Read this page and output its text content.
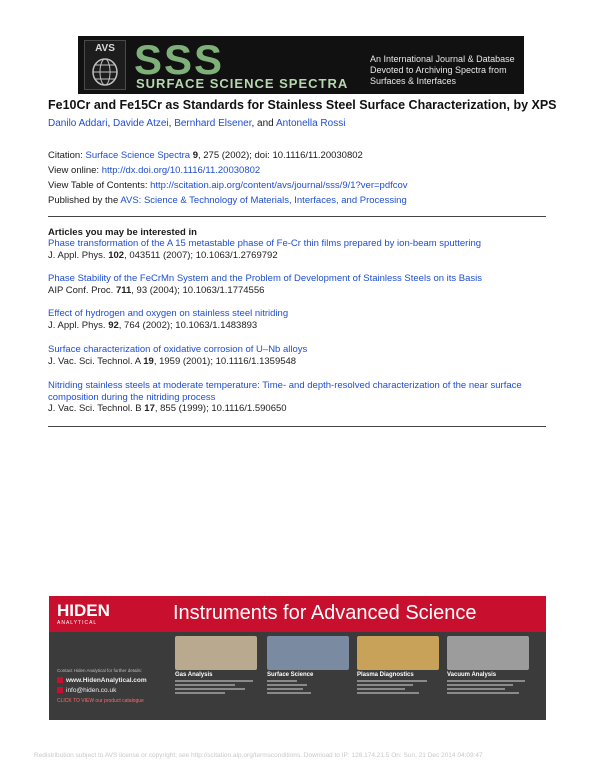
AVS SSS
SURFACE SCIENCE SPECTRA
An International Journal & Database Devoted to Archiving Spectra from Surfaces & Interfaces
Fe10Cr and Fe15Cr as Standards for Stainless Steel Surface Characterization, by XPS
Danilo Addari, Davide Atzei, Bernhard Elsener, and Antonella Rossi
Citation: Surface Science Spectra 9, 275 (2002); doi: 10.1116/11.20030802
View online: http://dx.doi.org/10.1116/11.20030802
View Table of Contents: http://scitation.aip.org/content/avs/journal/sss/9/1?ver=pdfcov
Published by the AVS: Science & Technology of Materials, Interfaces, and Processing
Articles you may be interested in
Phase transformation of the A 15 metastable phase of Fe-Cr thin films prepared by ion-beam sputtering
J. Appl. Phys. 102, 043511 (2007); 10.1063/1.2769792
Phase Stability of the FeCrMn System and the Problem of Development of Stainless Steels on its Basis
AIP Conf. Proc. 711, 93 (2004); 10.1063/1.1774556
Effect of hydrogen and oxygen on stainless steel nitriding
J. Appl. Phys. 92, 764 (2002); 10.1063/1.1483893
Surface characterization of oxidative corrosion of U–Nb alloys
J. Vac. Sci. Technol. A 19, 1959 (2001); 10.1116/1.1359548
Nitriding stainless steels at moderate temperature: Time- and depth-resolved characterization of the near surface composition during the nitriding process
J. Vac. Sci. Technol. B 17, 855 (1999); 10.1116/1.590650
HIDEN
ANALYTICAL	Instruments for Advanced Science
Contact Hiden Analytical for further details:
www.HidenAnalytical.com
info@hiden.co.uk
CLICK TO VIEW our product catalogue
Gas Analysis	Surface Science	Plasma Diagnostics	Vacuum Analysis
Redistribution subject to AVS license or copyright; see http://scitation.aip.org/termsconditions. Download to IP: 128.174.21.5 On: Sun, 21 Dec 2014 04:09:47
